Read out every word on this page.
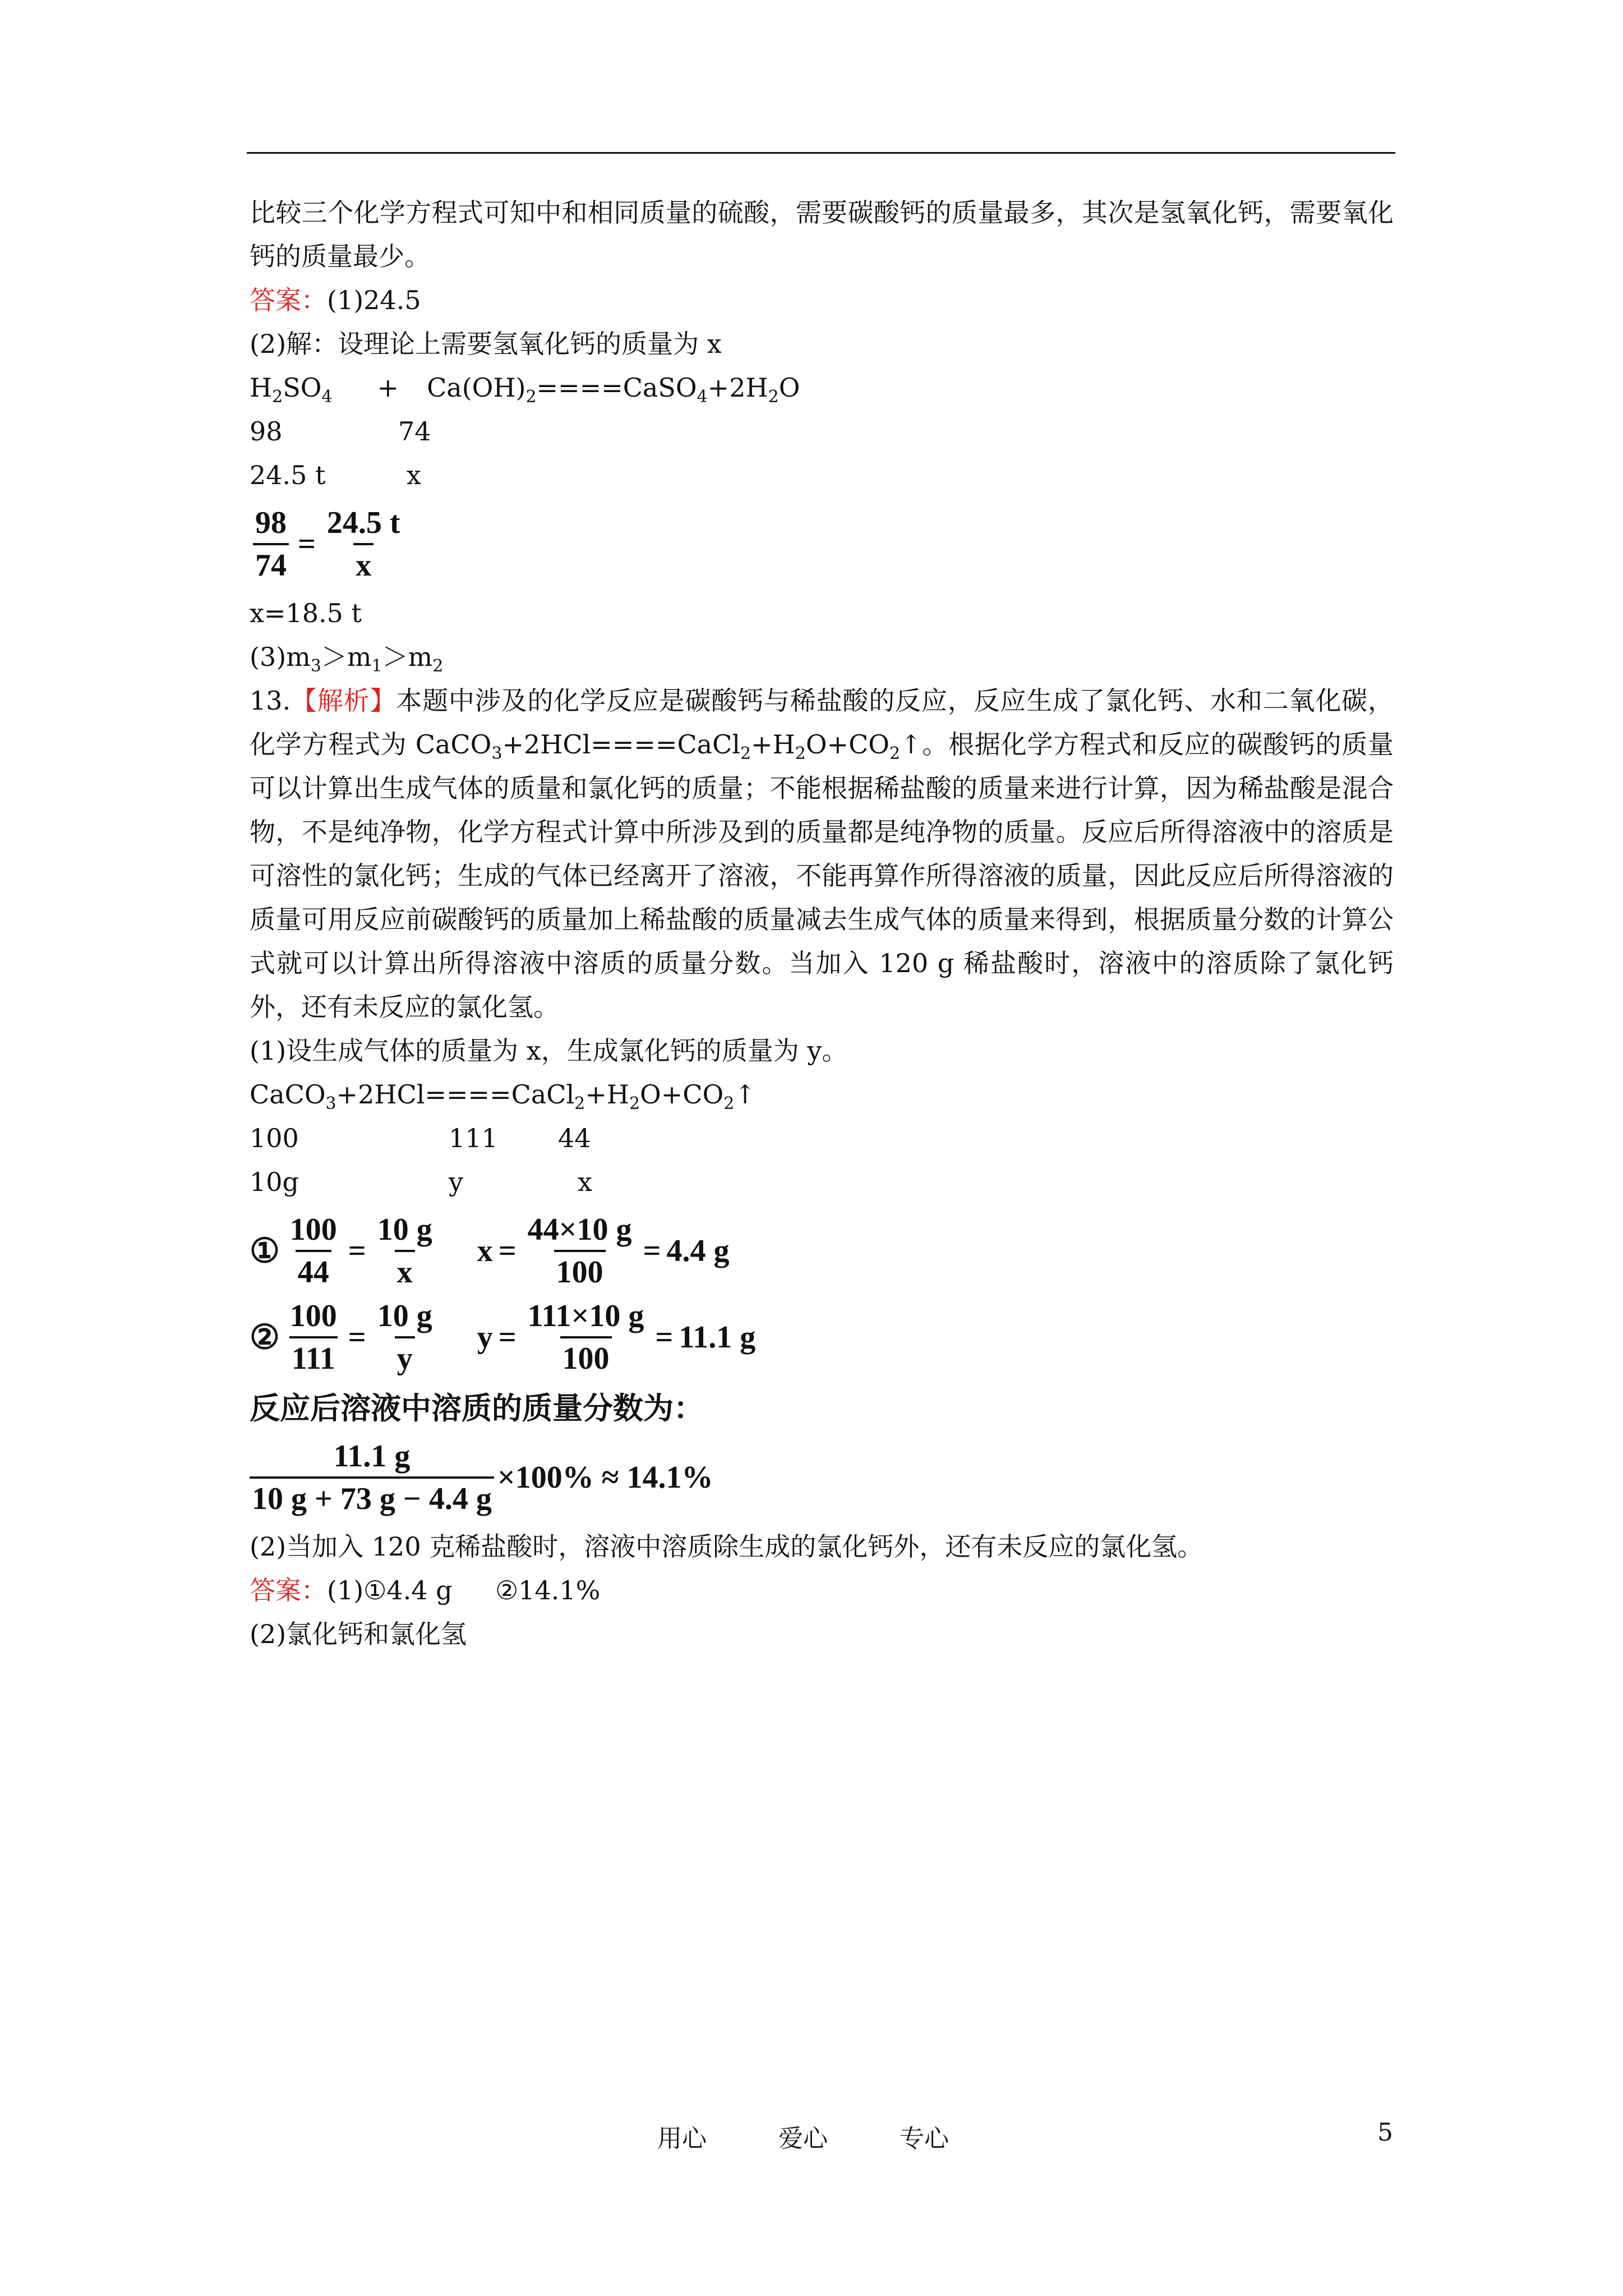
比较三个化学方程式可知中和相同质量的硫酸，需要碳酸钙的质量最多，其次是氢氧化钙，需要氧化钙的质量最少。

答案：(1)24.5

(2)解：设理论上需要氢氧化钙的质量为 x

$H_2SO_4$ + $Ca(OH)_2====CaSO_4+2H_2O$

98	74

24.5 t	x

$\frac{98}{74} = \frac{24.5 t}{x}$

x=18.5 t

$(3)m_3>m_1>m_2$

13.【解析】本题中涉及的化学反应是碳酸钙与稀盐酸的反应，反应生成了氯化钙、水和二氧化碳，化学方程式为 $CaCO_3+2HCl====CaCl_2+H_2O+CO_2↑$。根据化学方程式和反应的碳酸钙的质量可以计算出生成气体的质量和氯化钙的质量；不能根据稀盐酸的质量来进行计算，因为稀盐酸是混合物，不是纯净物，化学方程式计算中所涉及到的质量都是纯净物的质量。反应后所得溶液中的溶质是可溶性的氯化钙；生成的气体已经离开了溶液，不能再算作所得溶液的质量，因此反应后所得溶液的质量可用反应前碳酸钙的质量加上稀盐酸的质量减去生成气体的质量来得到，根据质量分数的计算公式就可以计算出所得溶液中溶质的质量分数。当加入 120 g 稀盐酸时，溶液中的溶质除了氯化钙外，还有未反应的氯化氢。

(1)设生成气体的质量为 x，生成氯化钙的质量为 y。

$CaCO_3+2HCl====CaCl_2+H_2O+CO_2↑$

100	111 44

10g	y	x

① $\frac{100}{44} = \frac{10 g}{x}$ $x = \frac{44\times 10 g}{100} = 4.4$ g
② $\frac{100}{111} = \frac{10 g}{y}$ $y = \frac{111\times 10 g}{100} = 11.1$ g

反应后溶液中溶质的质量分数为：

$\frac{11.1 g}{10 g + 73 g - 4.4 g} \times 100\% \approx 14.1\%$

(2)当加入 120 克稀盐酸时，溶液中溶质除生成的氯化钙外，还有未反应的氯化氢。

答案：(1)①4.4 g ②14.1%

(2)氯化钙和氯化氢

用心	爱心	专心	5
